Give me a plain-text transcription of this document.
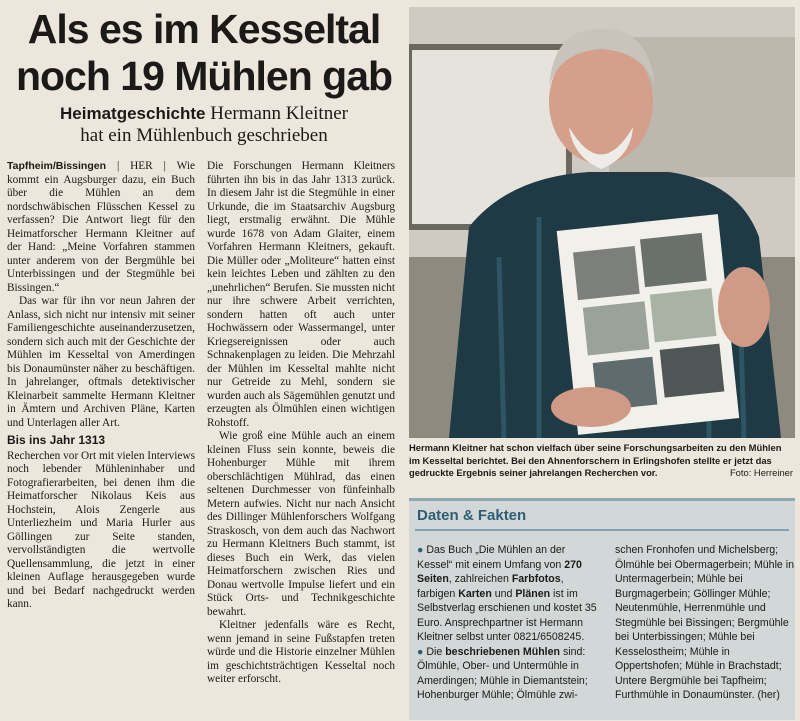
Als es im Kesseltal
noch 19 Mühlen gab

Heimatgeschichte Hermann Kleitner
hat ein Mühlenbuch geschrieben

Tapfheim/Bissingen | HER | Wie kommt ein Augsburger dazu, ein Buch über die Mühlen an dem nordschwäbischen Flüsschen Kessel zu verfassen? Die Antwort liegt für den Heimatforscher Hermann Kleitner auf der Hand: „Meine Vorfahren stammen unter anderem von der Bergmühle bei Unterbissingen und der Stegmühle bei Bissingen.“

Das war für ihn vor neun Jahren der Anlass, sich nicht nur intensiv mit seiner Familiengeschichte auseinanderzusetzen, sondern sich auch mit der Geschichte der Mühlen im Kesseltal von Amerdingen bis Donaumünster näher zu beschäftigen. In jahrelanger, oftmals detektivischer Kleinarbeit sammelte Hermann Kleitner in Ämtern und Archiven Pläne, Karten und Unterlagen aller Art.

Bis ins Jahr 1313

Recherchen vor Ort mit vielen Interviews noch lebender Mühleninhaber und Fotografierarbeiten, bei denen ihm die Heimatforscher Nikolaus Keis aus Hochstein, Alois Zengerle aus Unterliezheim und Maria Hurler aus Göllingen zur Seite standen, vervollständigten die wertvolle Quellensammlung, die jetzt in einer kleinen Auflage herausgegeben wurde und bei Bedarf nachgedruckt werden kann.

Die Forschungen Hermann Kleitners führten ihn bis in das Jahr 1313 zurück. In diesem Jahr ist die Stegmühle in einer Urkunde, die im Staatsarchiv Augsburg liegt, erstmalig erwähnt. Die Mühle wurde 1678 von Adam Glaiter, einem Vorfahren Hermann Kleitners, gekauft. Die Müller oder „Moliteure“ hatten einst kein leichtes Leben und zählten zu den „unehrlichen“ Berufen. Sie mussten nicht nur ihre schwere Arbeit verrichten, sondern hatten oft auch unter Hochwässern oder Wassermangel, unter Kriegsereignissen oder auch Schnakenplagen zu leiden. Die Mehrzahl der Mühlen im Kesseltal mahlte nicht nur Getreide zu Mehl, sondern sie wurden auch als Sägemühlen genutzt und erzeugten als Ölmühlen einen wichtigen Rohstoff.

Wie groß eine Mühle auch an einem kleinen Fluss sein konnte, beweis die Hohenburger Mühle mit ihrem oberschlächtigen Mühlrad, das einen seltenen Durchmesser von fünfeinhalb Metern aufwies. Nicht nur nach Ansicht des Dillinger Mühlenforschers Wolfgang Straskosch, von dem auch das Nachwort zu Hermann Kleitners Buch stammt, ist dieses Buch ein Werk, das vielen Heimatforschern zwischen Ries und Donau wertvolle Impulse liefert und ein Stück Orts- und Technikgeschichte bewahrt.

Kleitner jedenfalls wäre es Recht, wenn jemand in seine Fußstapfen treten würde und die Historie einzelner Mühlen im geschichtsträchtigen Kesseltal noch weiter erforscht.

Hermann Kleitner hat schon vielfach über seine Forschungsarbeiten zu den Mühlen im Kesseltal berichtet. Bei den Ahnenforschern in Erlingshofen stellte er jetzt das gedruckte Ergebnis seiner jahrelangen Recherchen vor.	Foto: Herreiner

Daten & Fakten

● Das Buch „Die Mühlen an der Kessel“ mit einem Umfang von 270 Seiten, zahlreichen Farbfotos, farbigen Karten und Plänen ist im Selbstverlag erschienen und kostet 35 Euro. Ansprechpartner ist Hermann Kleitner selbst unter 0821/6508245.
● Die beschriebenen Mühlen sind: Ölmühle, Ober- und Untermühle in Amerdingen; Mühle in Diemantstein; Hohenburger Mühle; Ölmühle zwi-

schen Fronhofen und Michelsberg; Ölmühle bei Obermagerbein; Mühle in Untermagerbein; Mühle bei Burgmagerbein; Göllinger Mühle; Neutenmühle, Herrenmühle und Stegmühle bei Bissingen; Bergmühle bei Unterbissingen; Mühle bei Kesselostheim; Mühle in Oppertshofen; Mühle in Brachstadt; Untere Bergmühle bei Tapfheim; Furthmühle in Donaumünster. (her)
